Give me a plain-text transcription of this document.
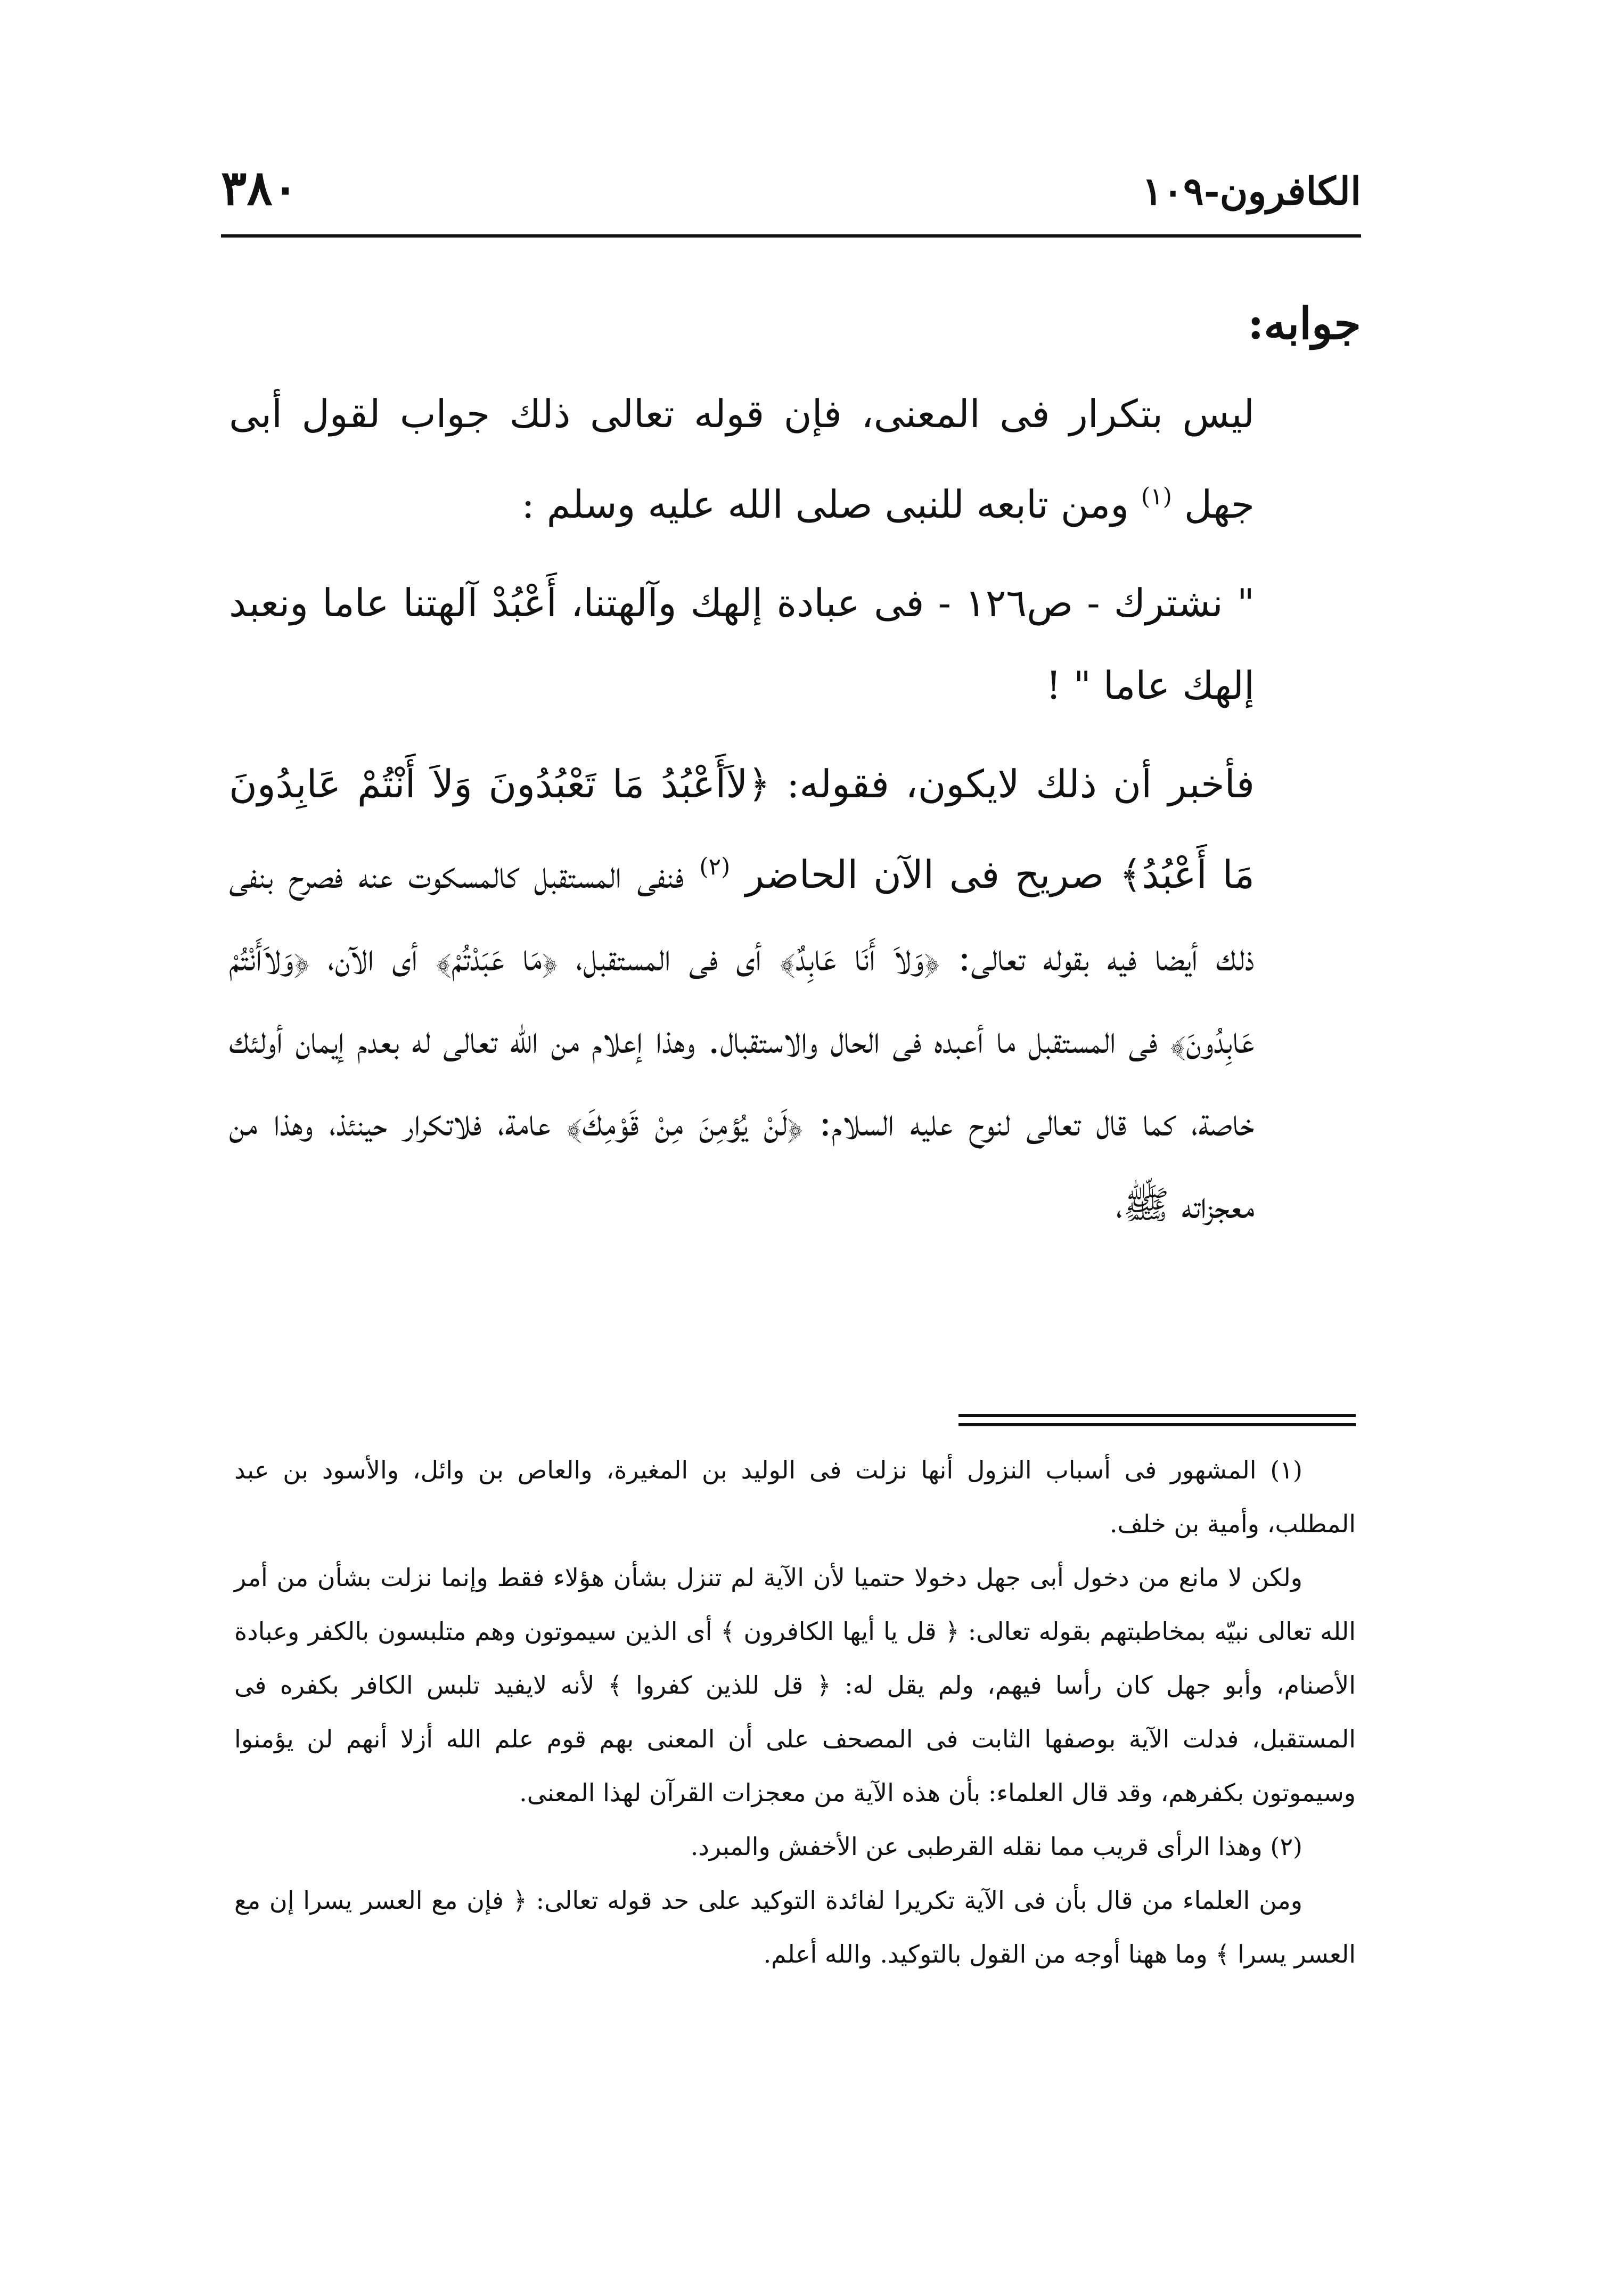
الكافرون-١٠٩
٣٨٠
جوابه:

ليس بتكرار فى المعنى، فإن قوله تعالى ذلك جواب لقول أبى جهل $^{(١)}$ ومن تابعه للنبى صلى الله عليه وسلم :

" نشترك - ص١٢٦ - فى عبادة إلهك وآلهتنا، أَعْبُدْ آلهتنا عاما ونعبد إلهك عاما " !

فأخبر أن ذلك لايكون، فقوله: ﴿لاَأَعْبُدُ مَا تَعْبُدُونَ وَلاَ أَنْتُمْ عَابِدُونَ مَا أَعْبُدُ﴾ صريح فى الآن الحاضر $^{(٢)}$ فنفى المستقبل كالمسكوت عنه فصرح بنفى ذلك أيضا فيه بقوله تعالى: ﴿وَلاَ أَنَا عَابِدٌ﴾ أى فى المستقبل، ﴿مَا عَبَدْتُمْ﴾ أى الآن، ﴿وَلاَأَنْتُمْ عَابِدُونَ﴾ فى المستقبل ما أعبده فى الحال والاستقبال. وهذا إعلام من الله تعالى له بعدم إيمان أولئك خاصة، كما قال تعالى لنوح عليه السلام: ﴿لَنْ يُؤمِنَ مِنْ قَوْمِكَ﴾ عامة، فلاتكرار حينئذ، وهذا من معجزاته ﷺ،

(١) المشهور فى أسباب النزول أنها نزلت فى الوليد بن المغيرة، والعاص بن وائل، والأسود بن عبد المطلب، وأمية بن خلف.

ولكن لا مانع من دخول أبى جهل دخولا حتميا لأن الآية لم تنزل بشأن هؤلاء فقط وإنما نزلت بشأن من أمر الله تعالى نبيّه بمخاطبتهم بقوله تعالى: ﴿ قل يا أيها الكافرون ﴾ أى الذين سيموتون وهم متلبسون بالكفر وعبادة الأصنام، وأبو جهل كان رأسا فيهم، ولم يقل له: ﴿ قل للذين كفروا ﴾ لأنه لايفيد تلبس الكافر بكفره فى المستقبل، فدلت الآية بوصفها الثابت فى المصحف على أن المعنى بهم قوم علم الله أزلا أنهم لن يؤمنوا وسيموتون بكفرهم، وقد قال العلماء: بأن هذه الآية من معجزات القرآن لهذا المعنى.

(٢) وهذا الرأى قريب مما نقله القرطبى عن الأخفش والمبرد.

ومن العلماء من قال بأن فى الآية تكريرا لفائدة التوكيد على حد قوله تعالى: ﴿ فإن مع العسر يسرا إن مع العسر يسرا ﴾ وما ههنا أوجه من القول بالتوكيد. والله أعلم.
